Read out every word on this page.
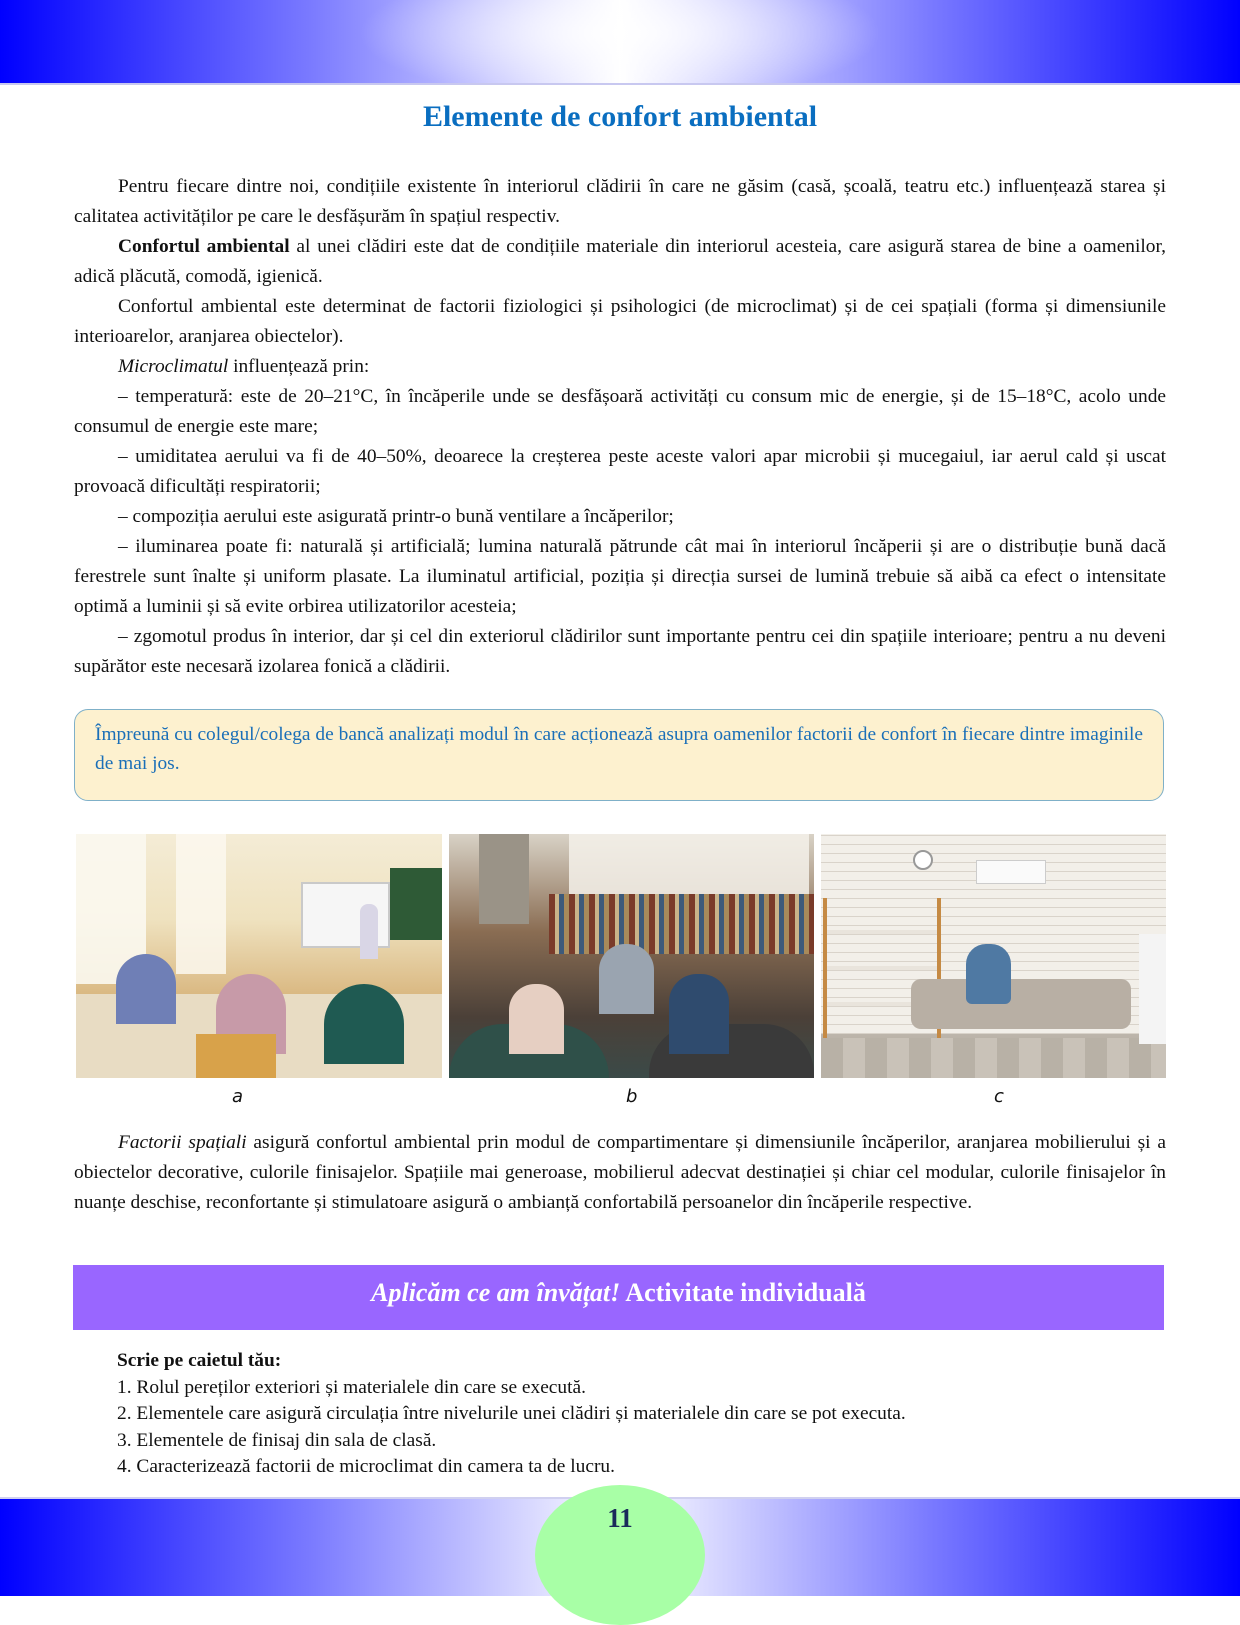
Elemente de confort ambiental

Pentru fiecare dintre noi, condițiile existente în interiorul clădirii în care ne găsim (casă, școală, teatru etc.) influențează starea și calitatea activităților pe care le desfășurăm în spațiul respectiv.

Confortul ambiental al unei clădiri este dat de condițiile materiale din interiorul acesteia, care asigură starea de bine a oamenilor, adică plăcută, comodă, igienică.

Confortul ambiental este determinat de factorii fiziologici și psihologici (de microclimat) și de cei spațiali (forma și dimensiunile interioarelor, aranjarea obiectelor).

Microclimatul influențează prin:

– temperatură: este de 20–21°C, în încăperile unde se desfășoară activități cu consum mic de energie, și de 15–18°C, acolo unde consumul de energie este mare;

– umiditatea aerului va fi de 40–50%, deoarece la creșterea peste aceste valori apar microbii și mucegaiul, iar aerul cald și uscat provoacă dificultăți respiratorii;

– compoziția aerului este asigurată printr-o bună ventilare a încăperilor;

– iluminarea poate fi: naturală și artificială; lumina naturală pătrunde cât mai în interiorul încăperii și are o distribuție bună dacă ferestrele sunt înalte și uniform plasate. La iluminatul artificial, poziția și direcția sursei de lumină trebuie să aibă ca efect o intensitate optimă a luminii și să evite orbirea utilizatorilor acesteia;

– zgomotul produs în interior, dar și cel din exteriorul clădirilor sunt importante pentru cei din spațiile interioare; pentru a nu deveni supărător este necesară izolarea fonică a clădirii.

Împreună cu colegul/colega de bancă analizați modul în care acționează asupra oamenilor factorii de confort în fiecare dintre imaginile de mai jos.
a	b	c

Factorii spațiali asigură confortul ambiental prin modul de compartimentare și dimensiunile încăperilor, aranjarea mobilierului și a obiectelor decorative, culorile finisajelor. Spațiile mai generoase, mobilierul adecvat destinației și chiar cel modular, culorile finisajelor în nuanțe deschise, reconfortante și stimulatoare asigură o ambianță confortabilă persoanelor din încăperile respective.

Aplicăm ce am învățat! Activitate individuală
Scrie pe caietul tău:
1. Rolul pereților exteriori și materialele din care se execută.
2. Elementele care asigură circulația între nivelurile unei clădiri și materialele din care se pot executa.
3. Elementele de finisaj din sala de clasă.
4. Caracterizează factorii de microclimat din camera ta de lucru.
11
